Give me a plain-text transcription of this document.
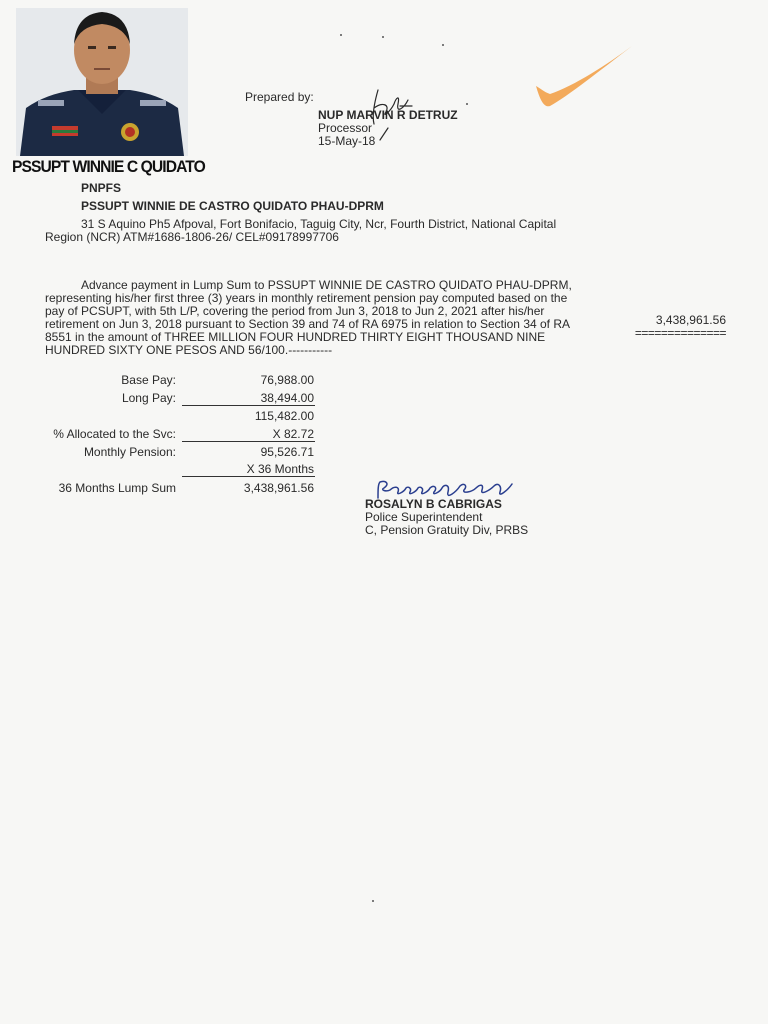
PSSUPT WINNIE C QUIDATO
Prepared by:
NUP MARVIN R DETRUZ
Processor
15-May-18
PNPFS
PSSUPT WINNIE DE CASTRO QUIDATO PHAU-DPRM
31 S Aquino Ph5 Afpoval, Fort Bonifacio, Taguig City, Ncr, Fourth District, National Capital
Region (NCR) ATM#1686-1806-26/ CEL#09178997706
Advance payment in Lump Sum to PSSUPT WINNIE DE CASTRO QUIDATO PHAU-DPRM,
representing his/her first three (3) years in monthly retirement pension pay computed based on the
pay of PCSUPT, with 5th L/P, covering the period from Jun 3, 2018 to Jun 2, 2021 after his/her
retirement on Jun 3, 2018 pursuant to Section 39 and 74 of RA 6975 in relation to Section 34 of RA
8551 in the amount of THREE MILLION FOUR HUNDRED THIRTY EIGHT THOUSAND NINE
HUNDRED SIXTY ONE PESOS AND 56/100.-----------
3,438,961.56
==============
Base Pay:	76,988.00
Long Pay:	38,494.00
115,482.00
% Allocated to the Svc:	X 82.72
Monthly Pension:	95,526.71
X 36 Months
36 Months Lump Sum	3,438,961.56
ROSALYN B CABRIGAS
Police Superintendent
C, Pension Gratuity Div, PRBS
